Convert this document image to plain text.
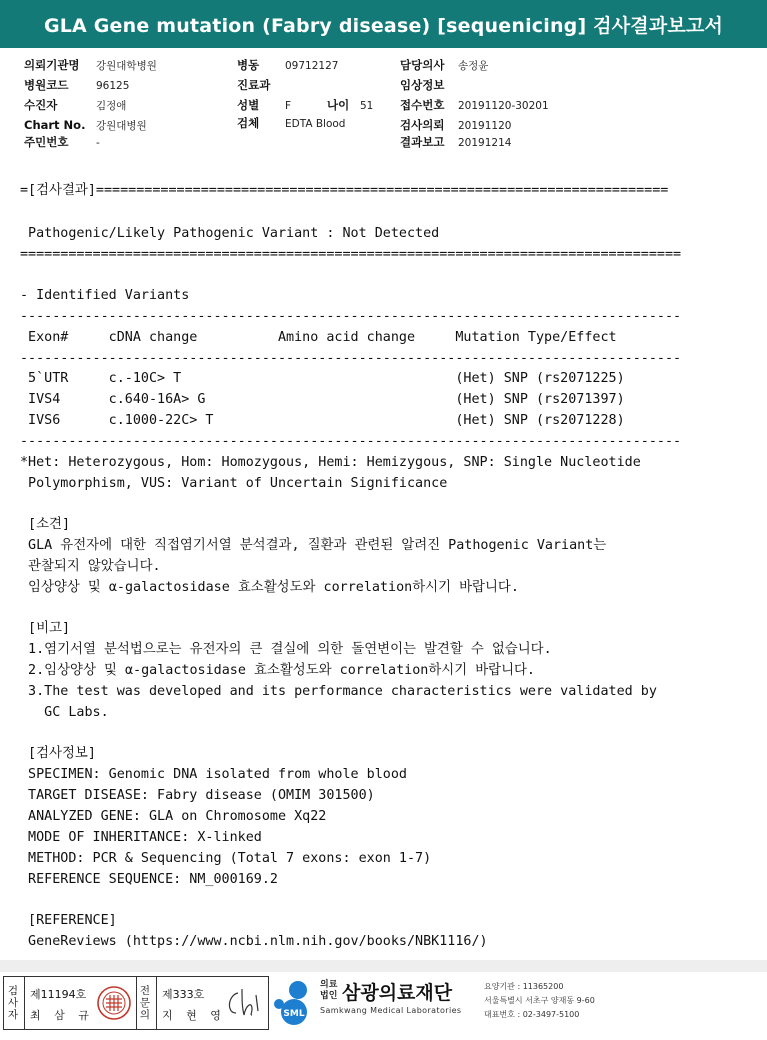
GLA Gene mutation (Fabry disease) [sequenicing] 검사결과보고서
의뢰기관명 강원대학병원
병원코드	96125
수진자	김정애
Chart No. 강원대병원
주민번호	-
병동 09712127
진료과
성별 F	나이 51
검체 EDTA Blood
담당의사 송정윤
임상정보
접수번호 20191120-30201
검사의뢰 20191120
결과보고 20191214
=[검사결과]=======================================================================
Pathogenic/Likely Pathogenic Variant : Not Detected
==================================================================================
- Identified Variants
----------------------------------------------------------------------------------
Exon#     cDNA change          Amino acid change     Mutation Type/Effect
----------------------------------------------------------------------------------
5`UTR     c.-10C> T                                  (Het) SNP (rs2071225)
IVS4      c.640-16A> G                               (Het) SNP (rs2071397)
IVS6      c.1000-22C> T                              (Het) SNP (rs2071228)
----------------------------------------------------------------------------------
*Het: Heterozygous, Hom: Homozygous, Hemi: Hemizygous, SNP: Single Nucleotide
Polymorphism, VUS: Variant of Uncertain Significance
[소견]
GLA 유전자에 대한 직접염기서열 분석결과, 질환과 관련된 알려진 Pathogenic Variant는
관찰되지 않았습니다.
임상양상 및 α-galactosidase 효소활성도와 correlation하시기 바랍니다.
[비고]
1.염기서열 분석법으로는 유전자의 큰 결실에 의한 돌연변이는 발견할 수 없습니다.
2.임상양상 및 α-galactosidase 효소활성도와 correlation하시기 바랍니다.
3.The test was developed and its performance characteristics were validated by
GC Labs.
[검사정보]
SPECIMEN: Genomic DNA isolated from whole blood
TARGET DISEASE: Fabry disease (OMIM 301500)
ANALYZED GENE: GLA on Chromosome Xq22
MODE OF INHERITANCE: X-linked
METHOD: PCR & Sequencing (Total 7 exons: exon 1-7)
REFERENCE SEQUENCE: NM_000169.2
[REFERENCE]
GeneReviews (https://www.ncbi.nlm.nih.gov/books/NBK1116/)
검사자
제11194호
최 삼 규
전문의
제333호
지 현 영	SML
의료법인 삼광의료재단
Samkwang Medical Laboratories
요양기관 : 11365200
서울특별시 서초구 양재동 9-60
대표번호 : 02-3497-5100
